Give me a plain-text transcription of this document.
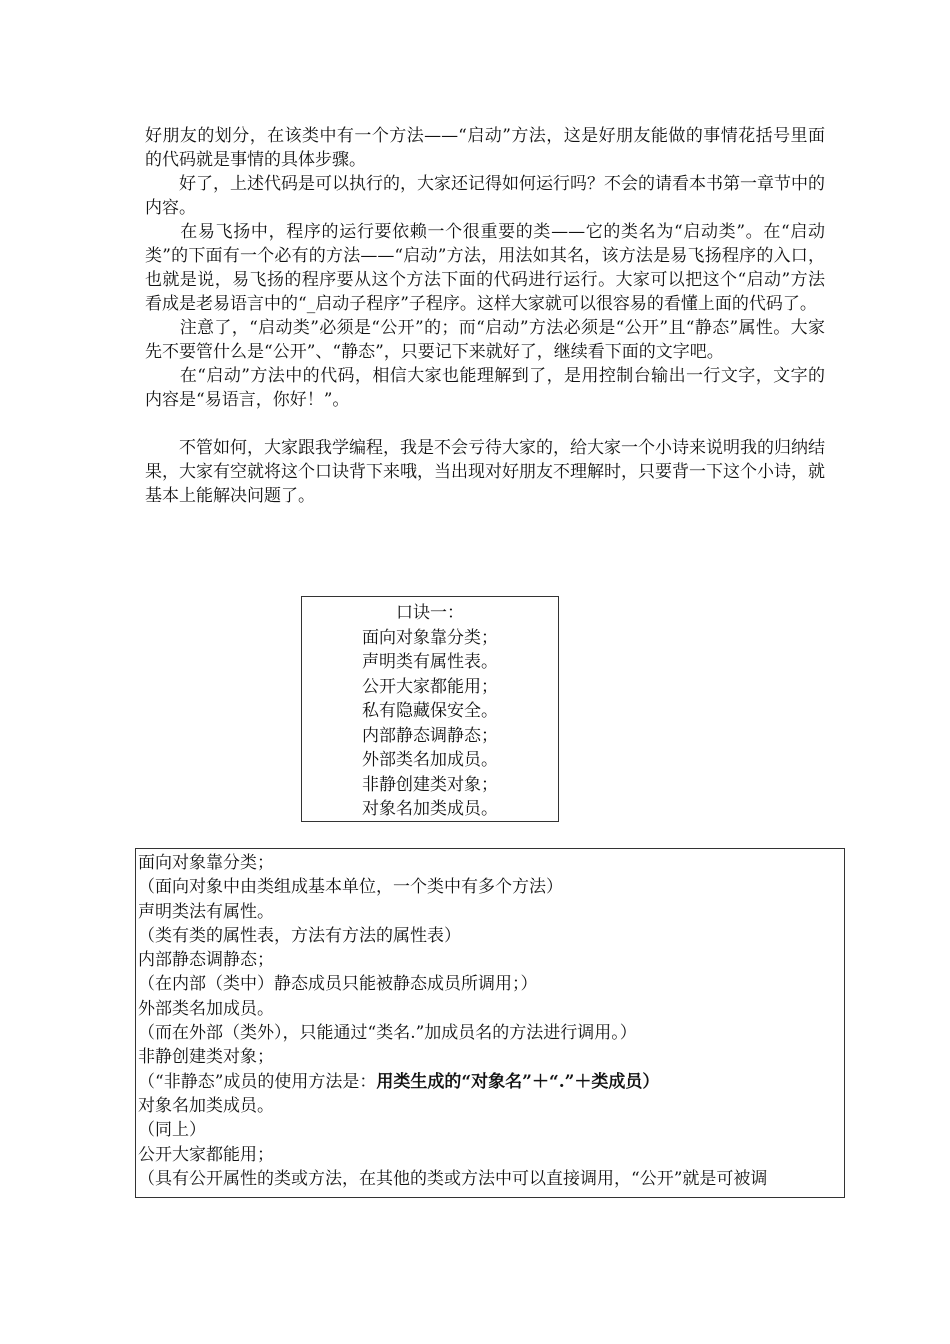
好朋友的划分，在该类中有一个方法——“启动”方法，这是好朋友能做的事情花括号里面的代码就是事情的具体步骤。

　　好了，上述代码是可以执行的，大家还记得如何运行吗？不会的请看本书第一章节中的内容。

　　在易飞扬中，程序的运行要依赖一个很重要的类——它的类名为“启动类”。在“启动类”的下面有一个必有的方法——“启动”方法，用法如其名，该方法是易飞扬程序的入口，也就是说，易飞扬的程序要从这个方法下面的代码进行运行。大家可以把这个“启动”方法看成是老易语言中的“_启动子程序”子程序。这样大家就可以很容易的看懂上面的代码了。

　　注意了，“启动类”必须是“公开”的；而“启动”方法必须是“公开”且“静态”属性。大家先不要管什么是“公开”、“静态”，只要记下来就好了，继续看下面的文字吧。

　　在“启动”方法中的代码，相信大家也能理解到了，是用控制台输出一行文字，文字的内容是“易语言，你好！”。

　　不管如何，大家跟我学编程，我是不会亏待大家的，给大家一个小诗来说明我的归纳结果，大家有空就将这个口诀背下来哦，当出现对好朋友不理解时，只要背一下这个小诗，就基本上能解决问题了。

口诀一：
面向对象靠分类；
声明类有属性表。
公开大家都能用；
私有隐藏保安全。
内部静态调静态；
外部类名加成员。
非静创建类对象；
对象名加类成员。
面向对象靠分类；
（面向对象中由类组成基本单位，一个类中有多个方法）
声明类法有属性。
（类有类的属性表，方法有方法的属性表）
内部静态调静态；
（在内部（类中）静态成员只能被静态成员所调用；）
外部类名加成员。
（而在外部（类外），只能通过“类名.”加成员名的方法进行调用。）
非静创建类对象；
（“非静态”成员的使用方法是：用类生成的“对象名”＋“.”＋类成员）
对象名加类成员。
（同上）
公开大家都能用；
（具有公开属性的类或方法，在其他的类或方法中可以直接调用，“公开”就是可被调
